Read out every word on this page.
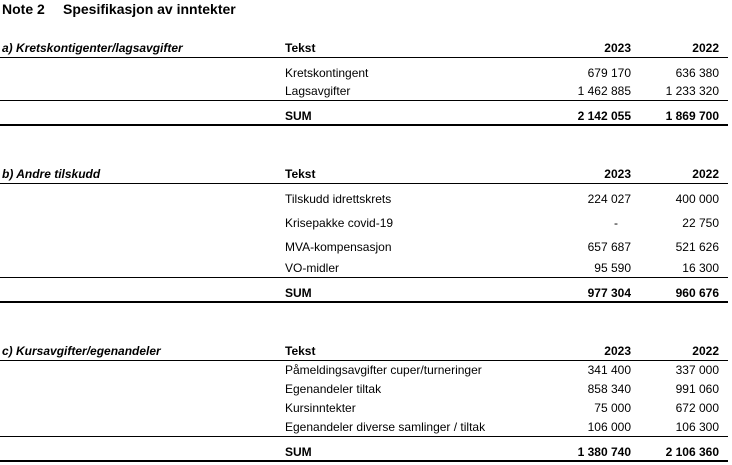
Note 2 Spesifikasjon av inntekter
a) Kretskontigenter/lagsavgifter	Tekst	2023	2022
Kretskontingent	679 170	636 380
Lagsavgifter	1 462 885	1 233 320
SUM	2 142 055	1 869 700
b) Andre tilskudd	Tekst	2023	2022
Tilskudd idrettskrets	224 027	400 000
Krisepakke covid-19	-	22 750
MVA-kompensasjon	657 687	521 626
VO-midler	95 590	16 300
SUM	977 304	960 676
c) Kursavgifter/egenandeler	Tekst	2023	2022
Påmeldingsavgifter cuper/turneringer	341 400	337 000
Egenandeler tiltak	858 340	991 060
Kursinntekter	75 000	672 000
Egenandeler diverse samlinger / tiltak	106 000	106 300
SUM	1 380 740	2 106 360
